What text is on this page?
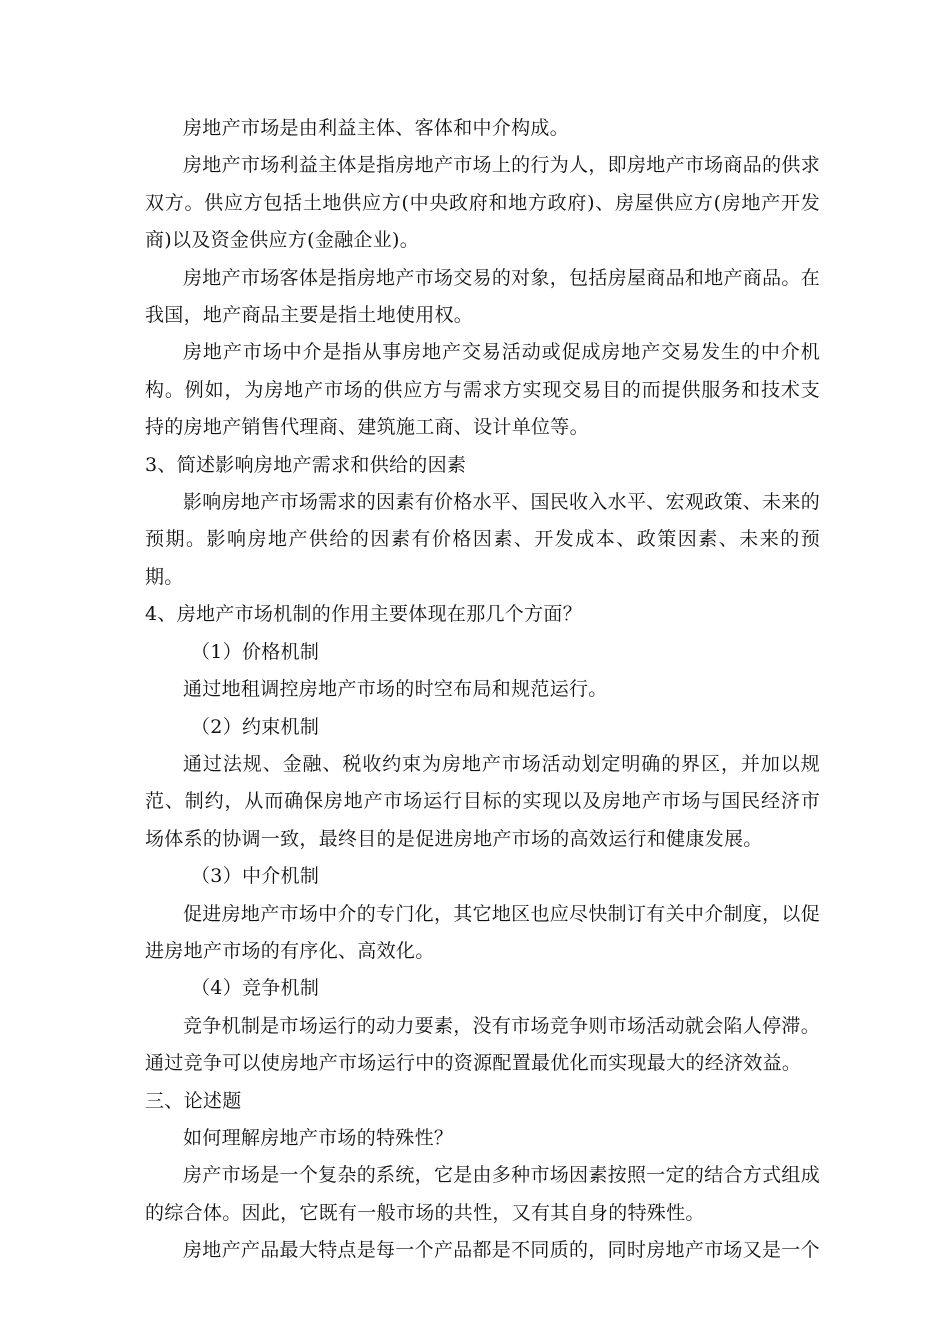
房地产市场是由利益主体、客体和中介构成。

房地产市场利益主体是指房地产市场上的行为人，即房地产市场商品的供求双方。供应方包括土地供应方(中央政府和地方政府)、房屋供应方(房地产开发商)以及资金供应方(金融企业)。

房地产市场客体是指房地产市场交易的对象，包括房屋商品和地产商品。在我国，地产商品主要是指土地使用权。

房地产市场中介是指从事房地产交易活动或促成房地产交易发生的中介机构。例如，为房地产市场的供应方与需求方实现交易目的而提供服务和技术支持的房地产销售代理商、建筑施工商、设计单位等。

3、简述影响房地产需求和供给的因素

影响房地产市场需求的因素有价格水平、国民收入水平、宏观政策、未来的预期。影响房地产供给的因素有价格因素、开发成本、政策因素、未来的预期。

4、房地产市场机制的作用主要体现在那几个方面？

（1）价格机制

通过地租调控房地产市场的时空布局和规范运行。

（2）约束机制

通过法规、金融、税收约束为房地产市场活动划定明确的界区，并加以规范、制约，从而确保房地产市场运行目标的实现以及房地产市场与国民经济市场体系的协调一致，最终目的是促进房地产市场的高效运行和健康发展。

（3）中介机制

促进房地产市场中介的专门化，其它地区也应尽快制订有关中介制度，以促进房地产市场的有序化、高效化。

（4）竞争机制

竞争机制是市场运行的动力要素，没有市场竞争则市场活动就会陷人停滞。通过竞争可以使房地产市场运行中的资源配置最优化而实现最大的经济效益。

三、论述题

如何理解房地产市场的特殊性？

房产市场是一个复杂的系统，它是由多种市场因素按照一定的结合方式组成的综合体。因此，它既有一般市场的共性，又有其自身的特殊性。

房地产产品最大特点是每一个产品都是不同质的，同时房地产市场又是一个
